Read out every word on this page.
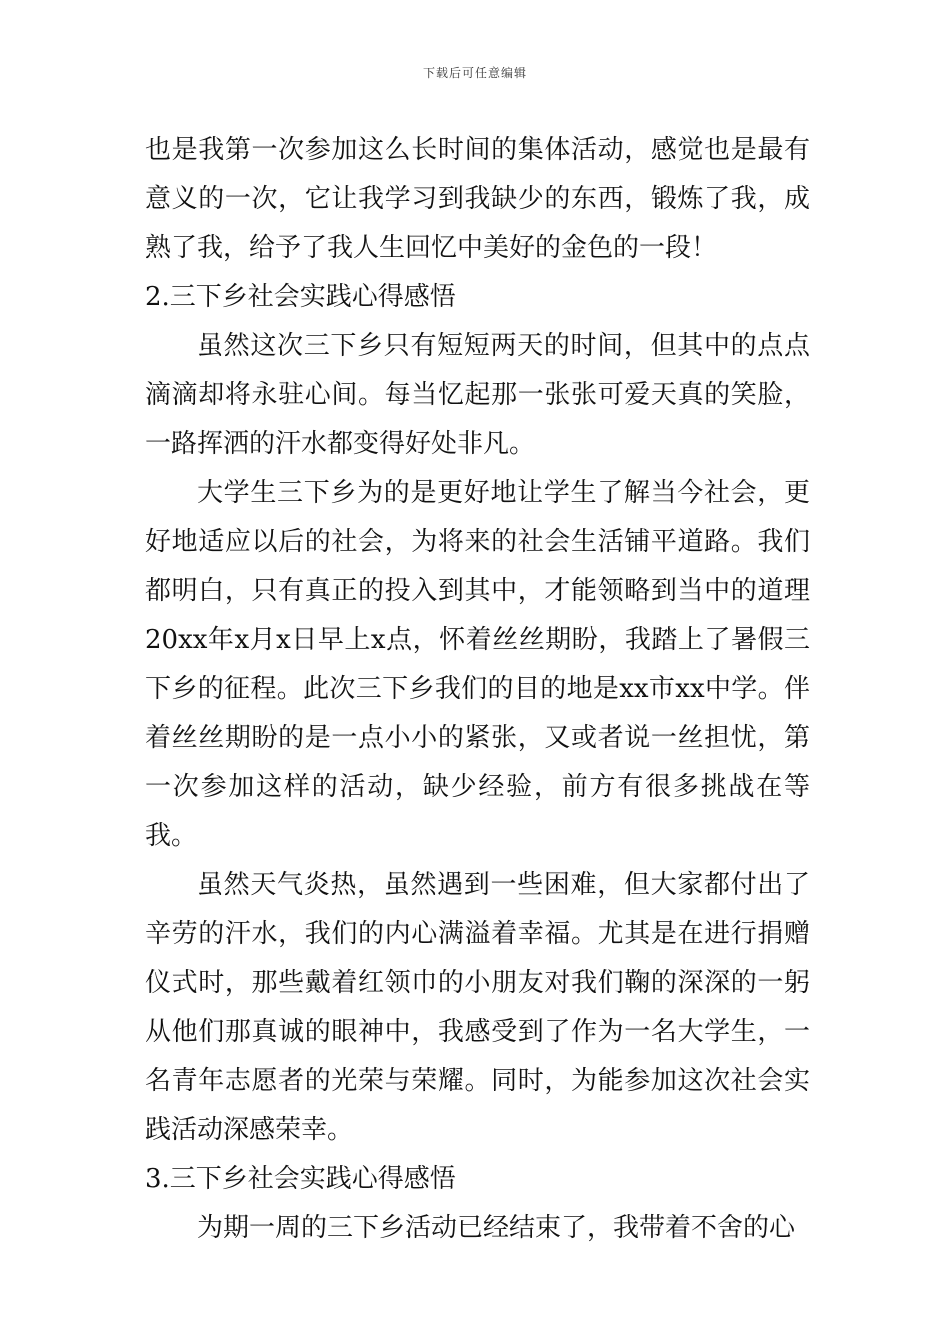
下载后可任意编辑

也是我第一次参加这么长时间的集体活动，感觉也是最有意义的一次，它让我学习到我缺少的东西，锻炼了我，成熟了我，给予了我人生回忆中美好的金色的一段！

2.三下乡社会实践心得感悟

虽然这次三下乡只有短短两天的时间，但其中的点点滴滴却将永驻心间。每当忆起那一张张可爱天真的笑脸，一路挥洒的汗水都变得好处非凡。

大学生三下乡为的是更好地让学生了解当今社会，更好地适应以后的社会，为将来的社会生活铺平道路。我们都明白，只有真正的投入到其中，才能领略到当中的道理20xx年x月x日早上x点，怀着丝丝期盼，我踏上了暑假三下乡的征程。此次三下乡我们的目的地是xx市xx中学。伴着丝丝期盼的是一点小小的紧张，又或者说一丝担忧，第一次参加这样的活动，缺少经验，前方有很多挑战在等我。

虽然天气炎热，虽然遇到一些困难，但大家都付出了辛劳的汗水，我们的内心满溢着幸福。尤其是在进行捐赠仪式时，那些戴着红领巾的小朋友对我们鞠的深深的一躬从他们那真诚的眼神中，我感受到了作为一名大学生，一名青年志愿者的光荣与荣耀。同时，为能参加这次社会实践活动深感荣幸。

3.三下乡社会实践心得感悟

为期一周的三下乡活动已经结束了，我带着不舍的心
